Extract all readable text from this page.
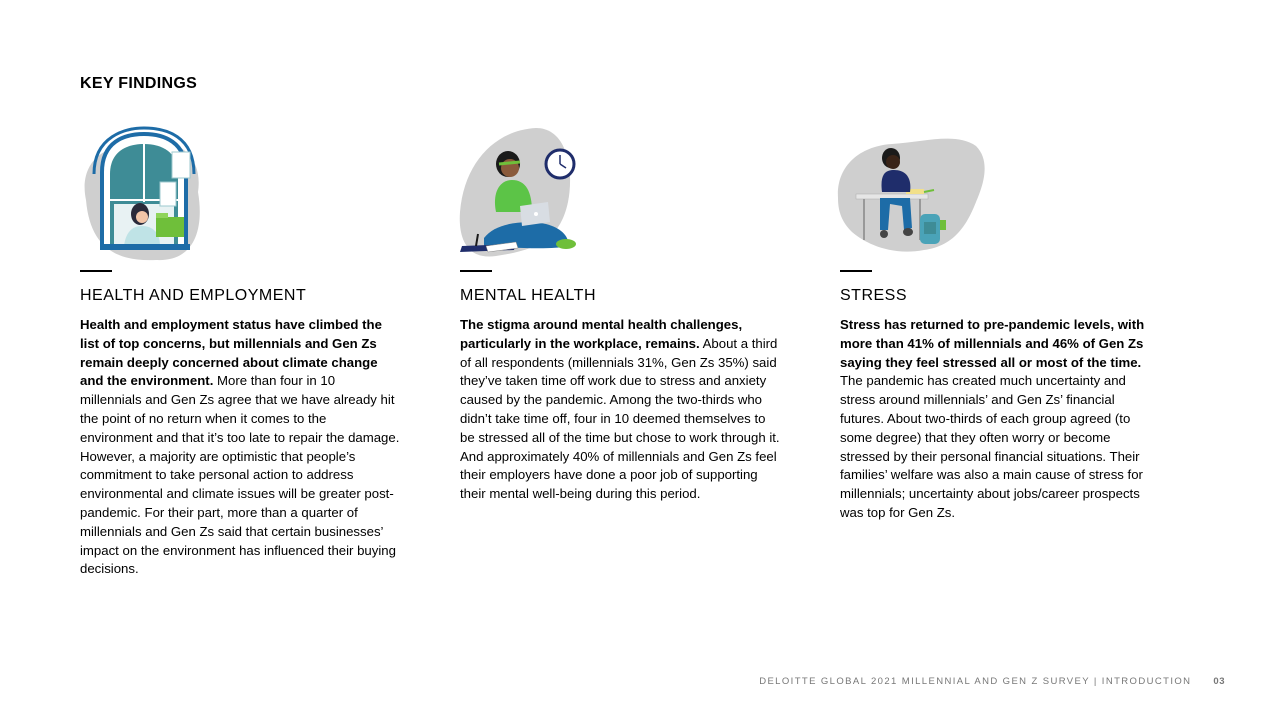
KEY FINDINGS
HEALTH AND EMPLOYMENT

Health and employment status have climbed the list of top concerns, but millennials and Gen Zs remain deeply concerned about climate change and the environment. More than four in 10 millennials and Gen Zs agree that we have already hit the point of no return when it comes to the environment and that it’s too late to repair the damage. However, a majority are optimistic that people’s commitment to take personal action to address environmental and climate issues will be greater post-pandemic. For their part, more than a quarter of millennials and Gen Zs said that certain businesses’ impact on the environment has influenced their buying decisions.

MENTAL HEALTH

The stigma around mental health challenges, particularly in the workplace, remains. About a third of all respondents (millennials 31%, Gen Zs 35%) said they’ve taken time off work due to stress and anxiety caused by the pandemic. Among the two-thirds who didn’t take time off, four in 10 deemed themselves to be stressed all of the time but chose to work through it. And approximately 40% of millennials and Gen Zs feel their employers have done a poor job of supporting their mental well-being during this period.

STRESS

Stress has returned to pre-pandemic levels, with more than 41% of millennials and 46% of Gen Zs saying they feel stressed all or most of the time. The pandemic has created much uncertainty and stress around millennials’ and Gen Zs’ financial futures. About two-thirds of each group agreed (to some degree) that they often worry or become stressed by their personal financial situations. Their families’ welfare was also a main cause of stress for millennials; uncertainty about jobs/career prospects was top for Gen Zs.

DELOITTE GLOBAL 2021 MILLENNIAL AND GEN Z SURVEY | INTRODUCTION 03
